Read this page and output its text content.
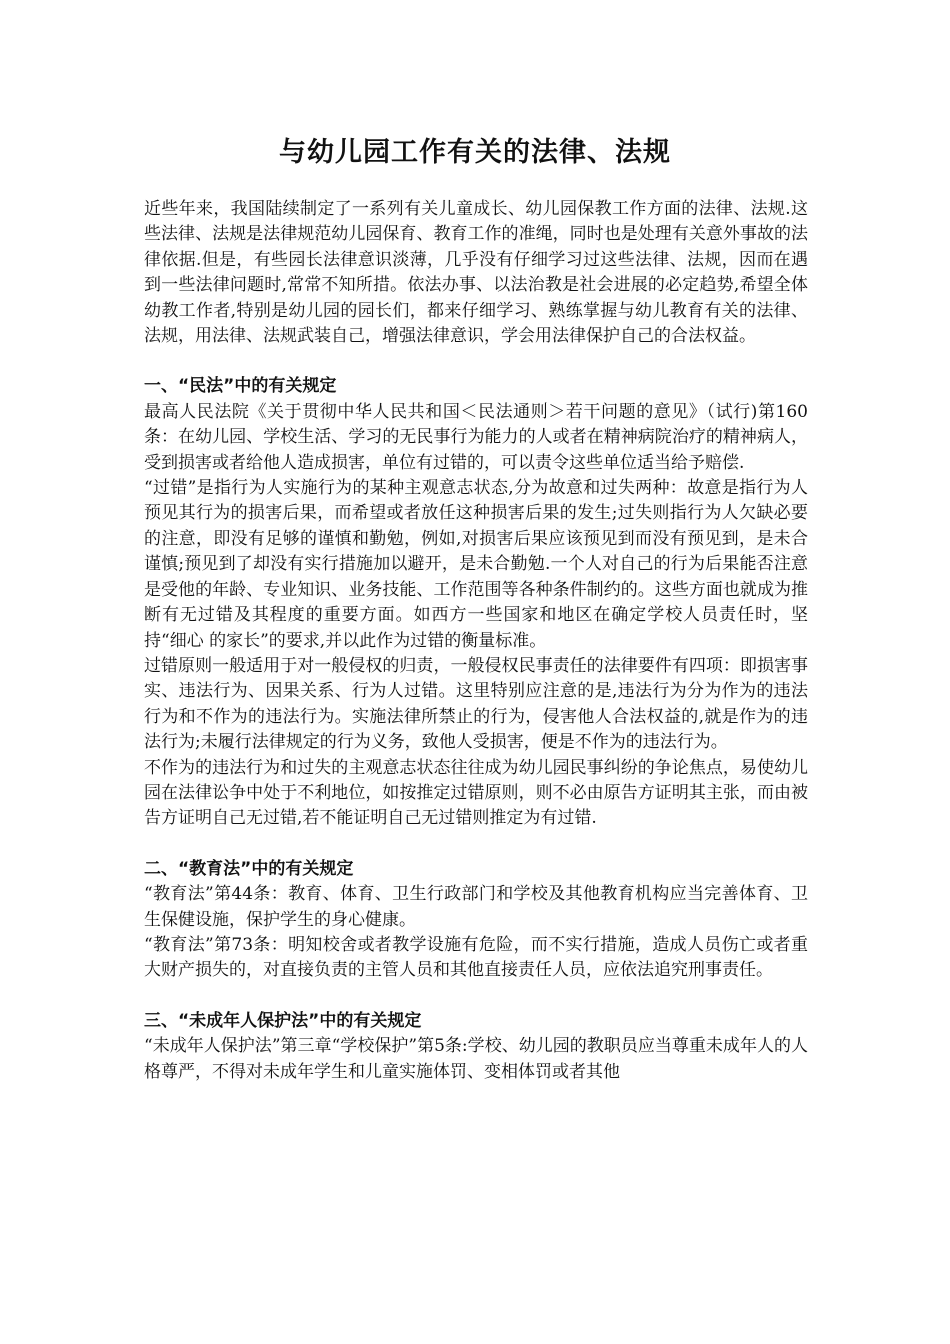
与幼儿园工作有关的法律、法规

近些年来，我国陆续制定了一系列有关儿童成长、幼儿园保教工作方面的法律、法规.这些法律、法规是法律规范幼儿园保育、教育工作的准绳，同时也是处理有关意外事故的法律依据.但是，有些园长法律意识淡薄，几乎没有仔细学习过这些法律、法规，因而在遇到一些法律问题时,常常不知所措。依法办事、以法治教是社会进展的必定趋势,希望全体幼教工作者,特别是幼儿园的园长们，都来仔细学习、熟练掌握与幼儿教育有关的法律、法规，用法律、法规武装自己，增强法律意识，学会用法律保护自己的合法权益。

一、“民法”中的有关规定

最高人民法院《关于贯彻中华人民共和国＜民法通则＞若干问题的意见》（试行)第160条：在幼儿园、学校生活、学习的无民事行为能力的人或者在精神病院治疗的精神病人，受到损害或者给他人造成损害，单位有过错的，可以责令这些单位适当给予赔偿.

“过错”是指行为人实施行为的某种主观意志状态,分为故意和过失两种：故意是指行为人预见其行为的损害后果，而希望或者放任这种损害后果的发生;过失则指行为人欠缺必要的注意，即没有足够的谨慎和勤勉，例如,对损害后果应该预见到而没有预见到，是未合谨慎;预见到了却没有实行措施加以避开，是未合勤勉.一个人对自己的行为后果能否注意是受他的年龄、专业知识、业务技能、工作范围等各种条件制约的。这些方面也就成为推断有无过错及其程度的重要方面。如西方一些国家和地区在确定学校人员责任时，坚持“细心 的家长”的要求,并以此作为过错的衡量标准。

过错原则一般适用于对一般侵权的归责，一般侵权民事责任的法律要件有四项：即损害事实、违法行为、因果关系、行为人过错。这里特别应注意的是,违法行为分为作为的违法行为和不作为的违法行为。实施法律所禁止的行为，侵害他人合法权益的,就是作为的违法行为;未履行法律规定的行为义务，致他人受损害，便是不作为的违法行为。

不作为的违法行为和过失的主观意志状态往往成为幼儿园民事纠纷的争论焦点，易使幼儿园在法律讼争中处于不利地位，如按推定过错原则，则不必由原告方证明其主张，而由被告方证明自己无过错,若不能证明自己无过错则推定为有过错.

二、“教育法”中的有关规定

“教育法”第44条：教育、体育、卫生行政部门和学校及其他教育机构应当完善体育、卫生保健设施，保护学生的身心健康。

“教育法”第73条：明知校舍或者教学设施有危险，而不实行措施，造成人员伤亡或者重大财产损失的，对直接负责的主管人员和其他直接责任人员，应依法追究刑事责任。

三、“未成年人保护法”中的有关规定

“未成年人保护法”第三章“学校保护”第5条:学校、幼儿园的教职员应当尊重未成年人的人格尊严，不得对未成年学生和儿童实施体罚、变相体罚或者其他
